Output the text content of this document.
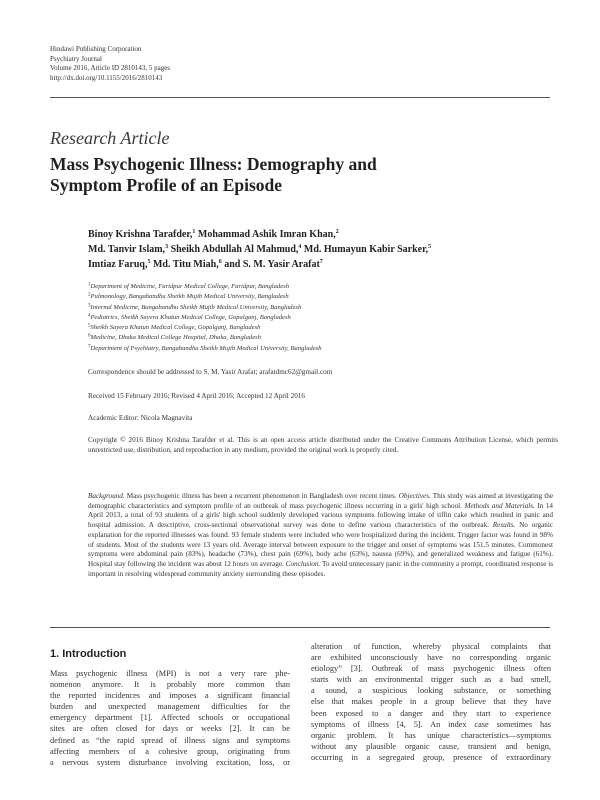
Hindawi Publishing Corporation
Psychiatry Journal
Volume 2016, Article ID 2810143, 5 pages
http://dx.doi.org/10.1155/2016/2810143
Research Article
Mass Psychogenic Illness: Demography and
Symptom Profile of an Episode
Binoy Krishna Tarafder,$^1$ Mohammad Ashik Imran Khan,$^2$
Md. Tanvir Islam,$^3$ Sheikh Abdullah Al Mahmud,$^4$ Md. Humayun Kabir Sarker,$^5$
Imtiaz Faruq,$^5$ Md. Titu Miah,$^6$ and S. M. Yasir Arafat$^7$
$^1$Department of Medicine, Faridpur Medical College, Faridpur, Bangladesh
$^2$Pulmonology, Bangabandhu Sheikh Mujib Medical University, Bangladesh
$^3$Internal Medicine, Bangabandhu Sheikh Mujib Medical University, Bangladesh
$^4$Pediatrics, Sheikh Sayera Khatun Medical College, Gopalganj, Bangladesh
$^5$Sheikh Sayera Khatun Medical College, Gopalganj, Bangladesh
$^6$Medicine, Dhaka Medical College Hospital, Dhaka, Bangladesh
$^7$Department of Psychiatry, Bangabandhu Sheikh Mujib Medical University, Bangladesh
Correspondence should be addressed to S. M. Yasir Arafat; arafatdmc62@gmail.com
Received 15 February 2016; Revised 4 April 2016; Accepted 12 April 2016
Academic Editor: Nicola Magnavita
Copyright © 2016 Binoy Krishna Tarafder et al. This is an open access article distributed under the Creative Commons Attribution License, which permits unrestricted use, distribution, and reproduction in any medium, provided the original work is properly cited.
Background. Mass psychogenic illness has been a recurrent phenomenon in Bangladesh over recent times. Objectives. This study was aimed at investigating the demographic characteristics and symptom profile of an outbreak of mass psychogenic illness occurring in a girls' high school. Methods and Materials. In 14 April 2013, a total of 93 students of a girls' high school suddenly developed various symptoms following intake of tiffin cake which resulted in panic and hospital admission. A descriptive, cross-sectional observational survey was done to define various characteristics of the outbreak. Results. No organic explanation for the reported illnesses was found. 93 female students were included who were hospitalized during the incident. Trigger factor was found in 98% of students. Most of the students were 13 years old. Average interval between exposure to the trigger and onset of symptoms was 151.5 minutes. Commonest symptoms were abdominal pain (83%), headache (73%), chest pain (69%), body ache (63%), nausea (69%), and generalized weakness and fatigue (61%). Hospital stay following the incident was about 12 hours on average. Conclusion. To avoid unnecessary panic in the community a prompt, coordinated response is important in resolving widespread community anxiety surrounding these episodes.
1. Introduction
Mass psychogenic illness (MPI) is not a very rare phe-
nomenon anymore. It is probably more common than
the reported incidences and imposes a significant financial
burden and unexpected management difficulties for the
emergency department [1]. Affected schools or occupational
sites are often closed for days or weeks [2]. It can be
defined as “the rapid spread of illness signs and symptoms
affecting members of a cohesive group, originating from
a nervous system disturbance involving excitation, loss, or
alteration of function, whereby physical complaints that
are exhibited unconsciously have no corresponding organic
etiology” [3]. Outbreak of mass psychogenic illness often
starts with an environmental trigger such as a bad smell,
a sound, a suspicious looking substance, or something
else that makes people in a group believe that they have
been exposed to a danger and they start to experience
symptoms of illness [4, 5]. An index case sometimes has
organic problem. It has unique characteristics—symptoms
without any plausible organic cause, transient and benign,
occurring in a segregated group, presence of extraordinary
